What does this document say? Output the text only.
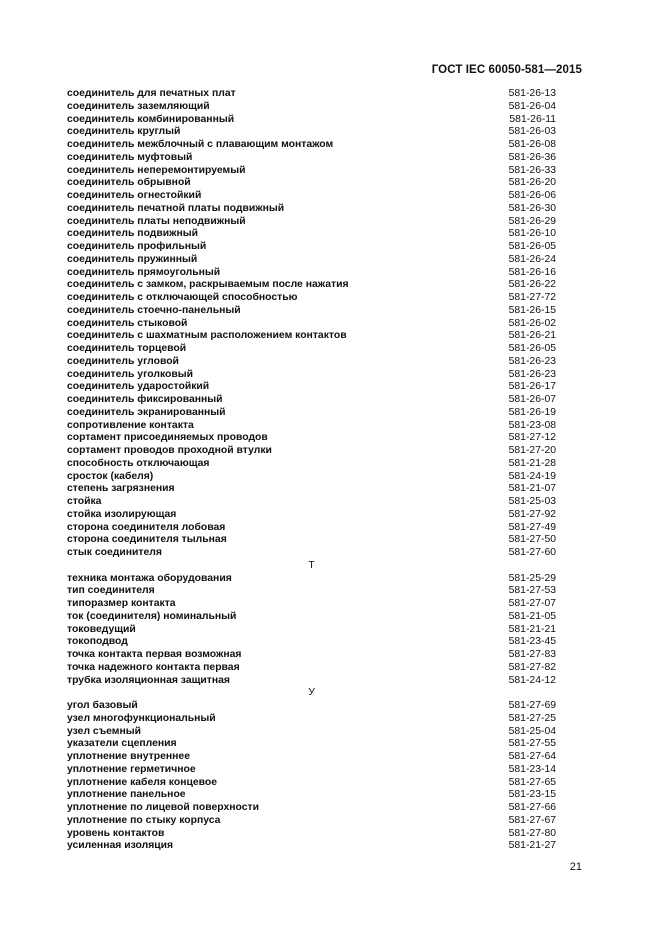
ГОСТ IEC 60050-581—2015
соединитель для печатных плат	581-26-13
соединитель заземляющий	581-26-04
соединитель комбинированный	581-26-11
соединитель круглый	581-26-03
соединитель межблочный с плавающим монтажом	581-26-08
соединитель муфтовый	581-26-36
соединитель неперемонтируемый	581-26-33
соединитель обрывной	581-26-20
соединитель огнестойкий	581-26-06
соединитель печатной платы подвижный	581-26-30
соединитель платы неподвижный	581-26-29
соединитель подвижный	581-26-10
соединитель профильный	581-26-05
соединитель пружинный	581-26-24
соединитель прямоугольный	581-26-16
соединитель с замком, раскрываемым после нажатия	581-26-22
соединитель с отключающей способностью	581-27-72
соединитель стоечно-панельный	581-26-15
соединитель стыковой	581-26-02
соединитель с шахматным расположением контактов	581-26-21
соединитель торцевой	581-26-05
соединитель угловой	581-26-23
соединитель уголковый	581-26-23
соединитель ударостойкий	581-26-17
соединитель фиксированный	581-26-07
соединитель экранированный	581-26-19
сопротивление контакта	581-23-08
сортамент присоединяемых проводов	581-27-12
сортамент проводов проходной втулки	581-27-20
способность отключающая	581-21-28
сросток (кабеля)	581-24-19
степень загрязнения	581-21-07
стойка	581-25-03
стойка изолирующая	581-27-92
сторона соединителя лобовая	581-27-49
сторона соединителя тыльная	581-27-50
стык соединителя	581-27-60
Т
техника монтажа оборудования	581-25-29
тип соединителя	581-27-53
типоразмер контакта	581-27-07
ток (соединителя) номинальный	581-21-05
токоведущий	581-21-21
токоподвод	581-23-45
точка контакта первая возможная	581-27-83
точка надежного контакта первая	581-27-82
трубка изоляционная защитная	581-24-12
У
угол базовый	581-27-69
узел многофункциональный	581-27-25
узел съемный	581-25-04
указатели сцепления	581-27-55
уплотнение внутреннее	581-27-64
уплотнение герметичное	581-23-14
уплотнение кабеля концевое	581-27-65
уплотнение панельное	581-23-15
уплотнение по лицевой поверхности	581-27-66
уплотнение по стыку корпуса	581-27-67
уровень контактов	581-27-80
усиленная изоляция	581-21-27
21
